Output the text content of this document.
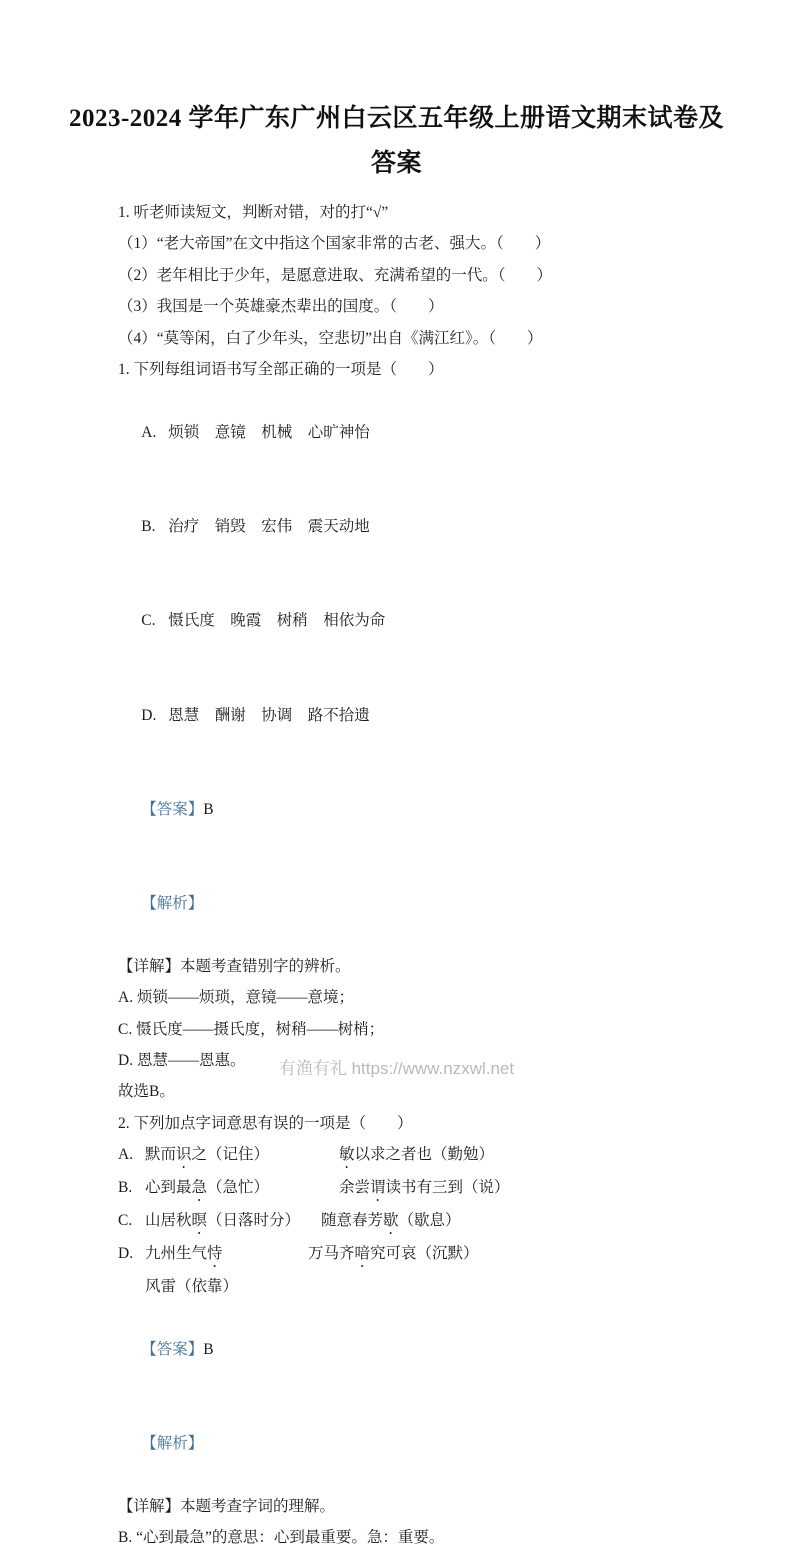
2023-2024 学年广东广州白云区五年级上册语文期末试卷及
答案
1. 听老师读短文，判断对错，对的打“√”
（1）“老大帝国”在文中指这个国家非常的古老、强大。（　　）
（2）老年相比于少年，是愿意进取、充满希望的一代。（　　）
（3）我国是一个英雄豪杰辈出的国度。（　　）
（4）“莫等闲，白了少年头，空悲切”出自《满江红》。（　　）
1. 下列每组词语书写全部正确的一项是（　　）

A. 烦锁　意镜　机械　心旷神怡

B. 治疗　销毁　宏伟　震天动地

C. 慑氏度　晚霞　树稍　相依为命

D. 恩慧　酬谢　协调　路不拾遗

【答案】B

【解析】

【详解】本题考查错别字的辨析。
A. 烦锁——烦琐，意镜——意境；
C. 慑氏度——摄氏度，树稍——树梢；
D. 恩慧——恩惠。
故选B。
2. 下列加点字词意思有误的一项是（　　）
A. 默而识之（记住）	敏以求之者也（勤勉）
B. 心到最急（急忙）	余尝谓读书有三到（说）
C. 山居秋暝（日落时分）	随意春芳歇（歇息）
D. 九州生气恃风雷（依靠）
万马齐喑究可哀（沉默）

【答案】B

【解析】

【详解】本题考查字词的理解。
B. “心到最急”的意思：心到最重要。急：重要。
有渔有礼 https://www.nzxwl.net
